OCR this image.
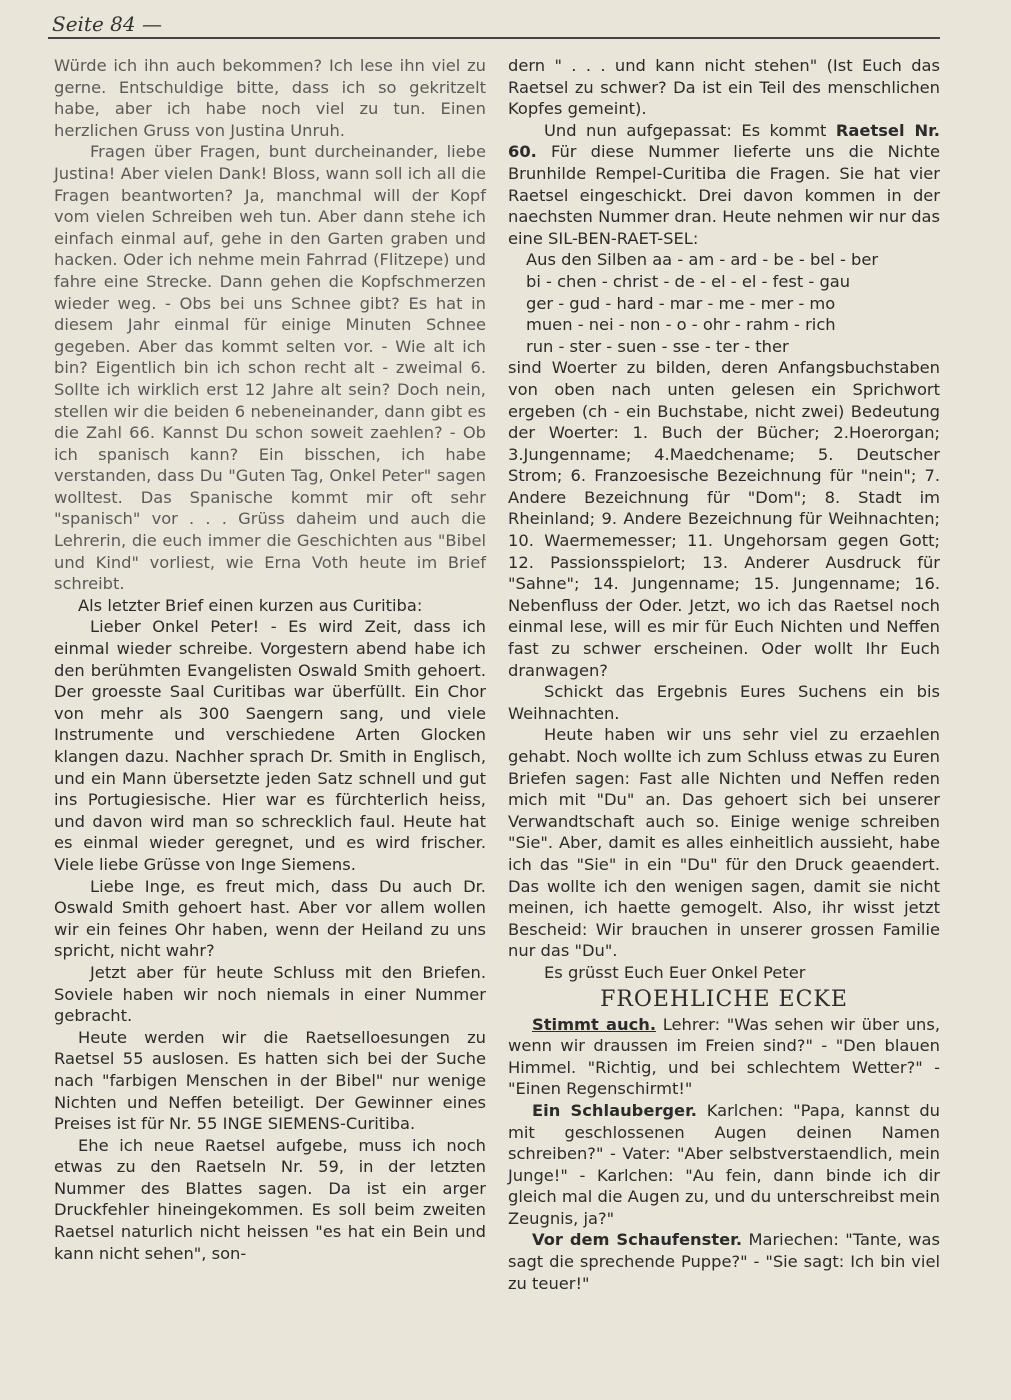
Seite 84 —

Würde ich ihn auch bekommen? Ich lese ihn viel zu gerne. Entschuldige bitte, dass ich so gekritzelt habe, aber ich habe noch viel zu tun. Einen herzlichen Gruss von Justina Unruh.

Fragen über Fragen, bunt durcheinander, liebe Justina! Aber vielen Dank! Bloss, wann soll ich all die Fragen beantworten? Ja, manchmal will der Kopf vom vielen Schreiben weh tun. Aber dann stehe ich einfach einmal auf, gehe in den Garten graben und hacken. Oder ich nehme mein Fahrrad (Flitzepe) und fahre eine Strecke. Dann gehen die Kopfschmerzen wieder weg. - Obs bei uns Schnee gibt? Es hat in diesem Jahr einmal für einige Minuten Schnee gegeben. Aber das kommt selten vor. - Wie alt ich bin? Eigentlich bin ich schon recht alt - zweimal 6. Sollte ich wirklich erst 12 Jahre alt sein? Doch nein, stellen wir die beiden 6 nebeneinander, dann gibt es die Zahl 66. Kannst Du schon soweit zaehlen? - Ob ich spanisch kann? Ein bisschen, ich habe verstanden, dass Du "Guten Tag, Onkel Peter" sagen wolltest. Das Spanische kommt mir oft sehr "spanisch" vor . . . Grüss daheim und auch die Lehrerin, die euch immer die Geschichten aus "Bibel und Kind" vorliest, wie Erna Voth heute im Brief schreibt.

Als letzter Brief einen kurzen aus Curitiba:

Lieber Onkel Peter! - Es wird Zeit, dass ich einmal wieder schreibe. Vorgestern abend habe ich den berühmten Evangelisten Oswald Smith gehoert. Der groesste Saal Curitibas war überfüllt. Ein Chor von mehr als 300 Saengern sang, und viele Instrumente und verschiedene Arten Glocken klangen dazu. Nachher sprach Dr. Smith in Englisch, und ein Mann übersetzte jeden Satz schnell und gut ins Portugiesische. Hier war es fürchterlich heiss, und davon wird man so schrecklich faul. Heute hat es einmal wieder geregnet, und es wird frischer. Viele liebe Grüsse von Inge Siemens.

Liebe Inge, es freut mich, dass Du auch Dr. Oswald Smith gehoert hast. Aber vor allem wollen wir ein feines Ohr haben, wenn der Heiland zu uns spricht, nicht wahr?

Jetzt aber für heute Schluss mit den Briefen. Soviele haben wir noch niemals in einer Nummer gebracht.

Heute werden wir die Raetselloesungen zu Raetsel 55 auslosen. Es hatten sich bei der Suche nach "farbigen Menschen in der Bibel" nur wenige Nichten und Neffen beteiligt. Der Gewinner eines Preises ist für Nr. 55 INGE SIEMENS-Curitiba.

Ehe ich neue Raetsel aufgebe, muss ich noch etwas zu den Raetseln Nr. 59, in der letzten Nummer des Blattes sagen. Da ist ein arger Druckfehler hineingekommen. Es soll beim zweiten Raetsel naturlich nicht heissen "es hat ein Bein und kann nicht sehen", son-

dern " . . . und kann nicht stehen" (Ist Euch das Raetsel zu schwer? Da ist ein Teil des menschlichen Kopfes gemeint).

Und nun aufgepassat: Es kommt Raetsel Nr. 60. Für diese Nummer lieferte uns die Nichte Brunhilde Rempel-Curitiba die Fragen. Sie hat vier Raetsel eingeschickt. Drei davon kommen in der naechsten Nummer dran. Heute nehmen wir nur das eine SIL-BEN-RAET-SEL:

Aus den Silben aa - am - ard - be - bel - ber
bi - chen - christ - de - el - el - fest - gau
ger - gud - hard - mar - me - mer - mo
muen - nei - non - o - ohr - rahm - rich
run - ster - suen - sse - ter - ther

sind Woerter zu bilden, deren Anfangsbuchstaben von oben nach unten gelesen ein Sprichwort ergeben (ch - ein Buchstabe, nicht zwei) Bedeutung der Woerter: 1. Buch der Bücher; 2.Hoerorgan; 3.Jungenname; 4.Maedchename; 5. Deutscher Strom; 6. Franzoesische Bezeichnung für "nein"; 7. Andere Bezeichnung für "Dom"; 8. Stadt im Rheinland; 9. Andere Bezeichnung für Weihnachten; 10. Waermemesser; 11. Ungehorsam gegen Gott; 12. Passionsspielort; 13. Anderer Ausdruck für "Sahne"; 14. Jungenname; 15. Jungenname; 16. Nebenfluss der Oder. Jetzt, wo ich das Raetsel noch einmal lese, will es mir für Euch Nichten und Neffen fast zu schwer erscheinen. Oder wollt Ihr Euch dranwagen?

Schickt das Ergebnis Eures Suchens ein bis Weihnachten.

Heute haben wir uns sehr viel zu erzaehlen gehabt. Noch wollte ich zum Schluss etwas zu Euren Briefen sagen: Fast alle Nichten und Neffen reden mich mit "Du" an. Das gehoert sich bei unserer Verwandtschaft auch so. Einige wenige schreiben "Sie". Aber, damit es alles einheitlich aussieht, habe ich das "Sie" in ein "Du" für den Druck geaendert. Das wollte ich den wenigen sagen, damit sie nicht meinen, ich haette gemogelt. Also, ihr wisst jetzt Bescheid: Wir brauchen in unserer grossen Familie nur das "Du".

Es grüsst Euch Euer Onkel Peter

FROEHLICHE ECKE

Stimmt auch. Lehrer: "Was sehen wir über uns, wenn wir draussen im Freien sind?" - "Den blauen Himmel. "Richtig, und bei schlechtem Wetter?" - "Einen Regenschirmt!"

Ein Schlauberger. Karlchen: "Papa, kannst du mit geschlossenen Augen deinen Namen schreiben?" - Vater: "Aber selbstverstaendlich, mein Junge!" - Karlchen: "Au fein, dann binde ich dir gleich mal die Augen zu, und du unterschreibst mein Zeugnis, ja?"

Vor dem Schaufenster. Mariechen: "Tante, was sagt die sprechende Puppe?" - "Sie sagt: Ich bin viel zu teuer!"
